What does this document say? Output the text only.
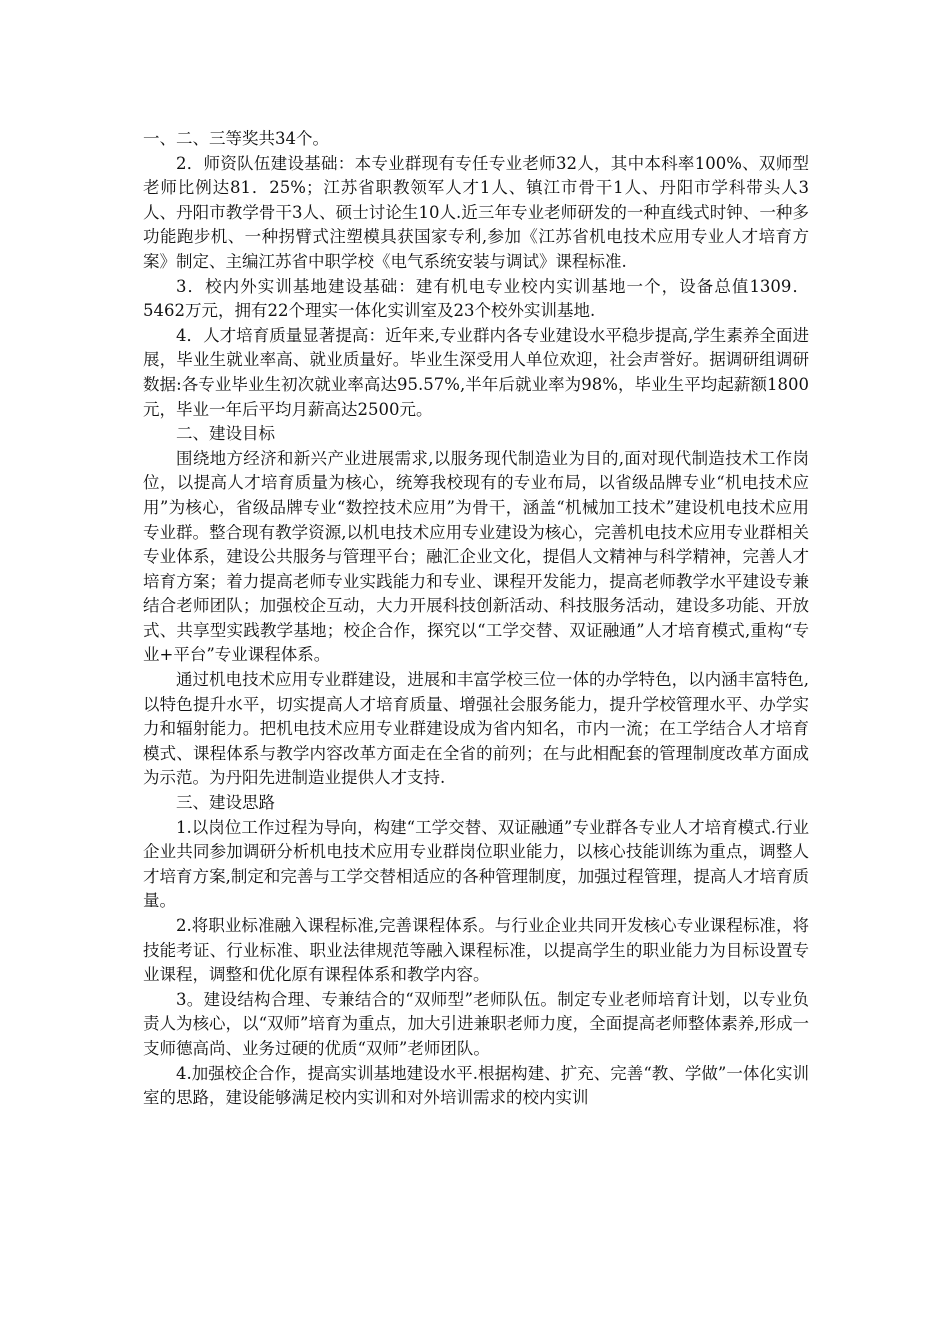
一、二、三等奖共34个。

2．师资队伍建设基础：本专业群现有专任专业老师32人，其中本科率100%、双师型老师比例达81．25%；江苏省职教领军人才1人、镇江市骨干1人、丹阳市学科带头人3人、丹阳市教学骨干3人、硕士讨论生10人.近三年专业老师研发的一种直线式时钟、一种多功能跑步机、一种拐臂式注塑模具获国家专利,参加《江苏省机电技术应用专业人才培育方案》制定、主编江苏省中职学校《电气系统安装与调试》课程标准.

3．校内外实训基地建设基础：建有机电专业校内实训基地一个，设备总值1309．5462万元，拥有22个理实一体化实训室及23个校外实训基地.

4．人才培育质量显著提高：近年来,专业群内各专业建设水平稳步提高,学生素养全面进展，毕业生就业率高、就业质量好。毕业生深受用人单位欢迎，社会声誉好。据调研组调研数据:各专业毕业生初次就业率高达95.57%,半年后就业率为98%，毕业生平均起薪额1800元，毕业一年后平均月薪高达2500元。

二、建设目标

围绕地方经济和新兴产业进展需求,以服务现代制造业为目的,面对现代制造技术工作岗位，以提高人才培育质量为核心，统筹我校现有的专业布局，以省级品牌专业“机电技术应用”为核心，省级品牌专业“数控技术应用”为骨干，涵盖“机械加工技术”建设机电技术应用专业群。整合现有教学资源,以机电技术应用专业建设为核心，完善机电技术应用专业群相关专业体系，建设公共服务与管理平台；融汇企业文化，提倡人文精神与科学精神，完善人才培育方案；着力提高老师专业实践能力和专业、课程开发能力，提高老师教学水平建设专兼结合老师团队；加强校企互动，大力开展科技创新活动、科技服务活动，建设多功能、开放式、共享型实践教学基地；校企合作，探究以“工学交替、双证融通”人才培育模式,重构“专业+平台”专业课程体系。

通过机电技术应用专业群建设，进展和丰富学校三位一体的办学特色，以内涵丰富特色,以特色提升水平，切实提高人才培育质量、增强社会服务能力，提升学校管理水平、办学实力和辐射能力。把机电技术应用专业群建设成为省内知名，市内一流；在工学结合人才培育模式、课程体系与教学内容改革方面走在全省的前列；在与此相配套的管理制度改革方面成为示范。为丹阳先进制造业提供人才支持.

三、建设思路

1.以岗位工作过程为导向，构建“工学交替、双证融通”专业群各专业人才培育模式.行业企业共同参加调研分析机电技术应用专业群岗位职业能力，以核心技能训练为重点，调整人才培育方案,制定和完善与工学交替相适应的各种管理制度，加强过程管理，提高人才培育质量。

2.将职业标准融入课程标准,完善课程体系。与行业企业共同开发核心专业课程标准，将技能考证、行业标准、职业法律规范等融入课程标准，以提高学生的职业能力为目标设置专业课程，调整和优化原有课程体系和教学内容。

3。建设结构合理、专兼结合的“双师型”老师队伍。制定专业老师培育计划，以专业负责人为核心，以“双师”培育为重点，加大引进兼职老师力度，全面提高老师整体素养,形成一支师德高尚、业务过硬的优质“双师”老师团队。

4.加强校企合作，提高实训基地建设水平.根据构建、扩充、完善“教、学做”一体化实训室的思路，建设能够满足校内实训和对外培训需求的校内实训
